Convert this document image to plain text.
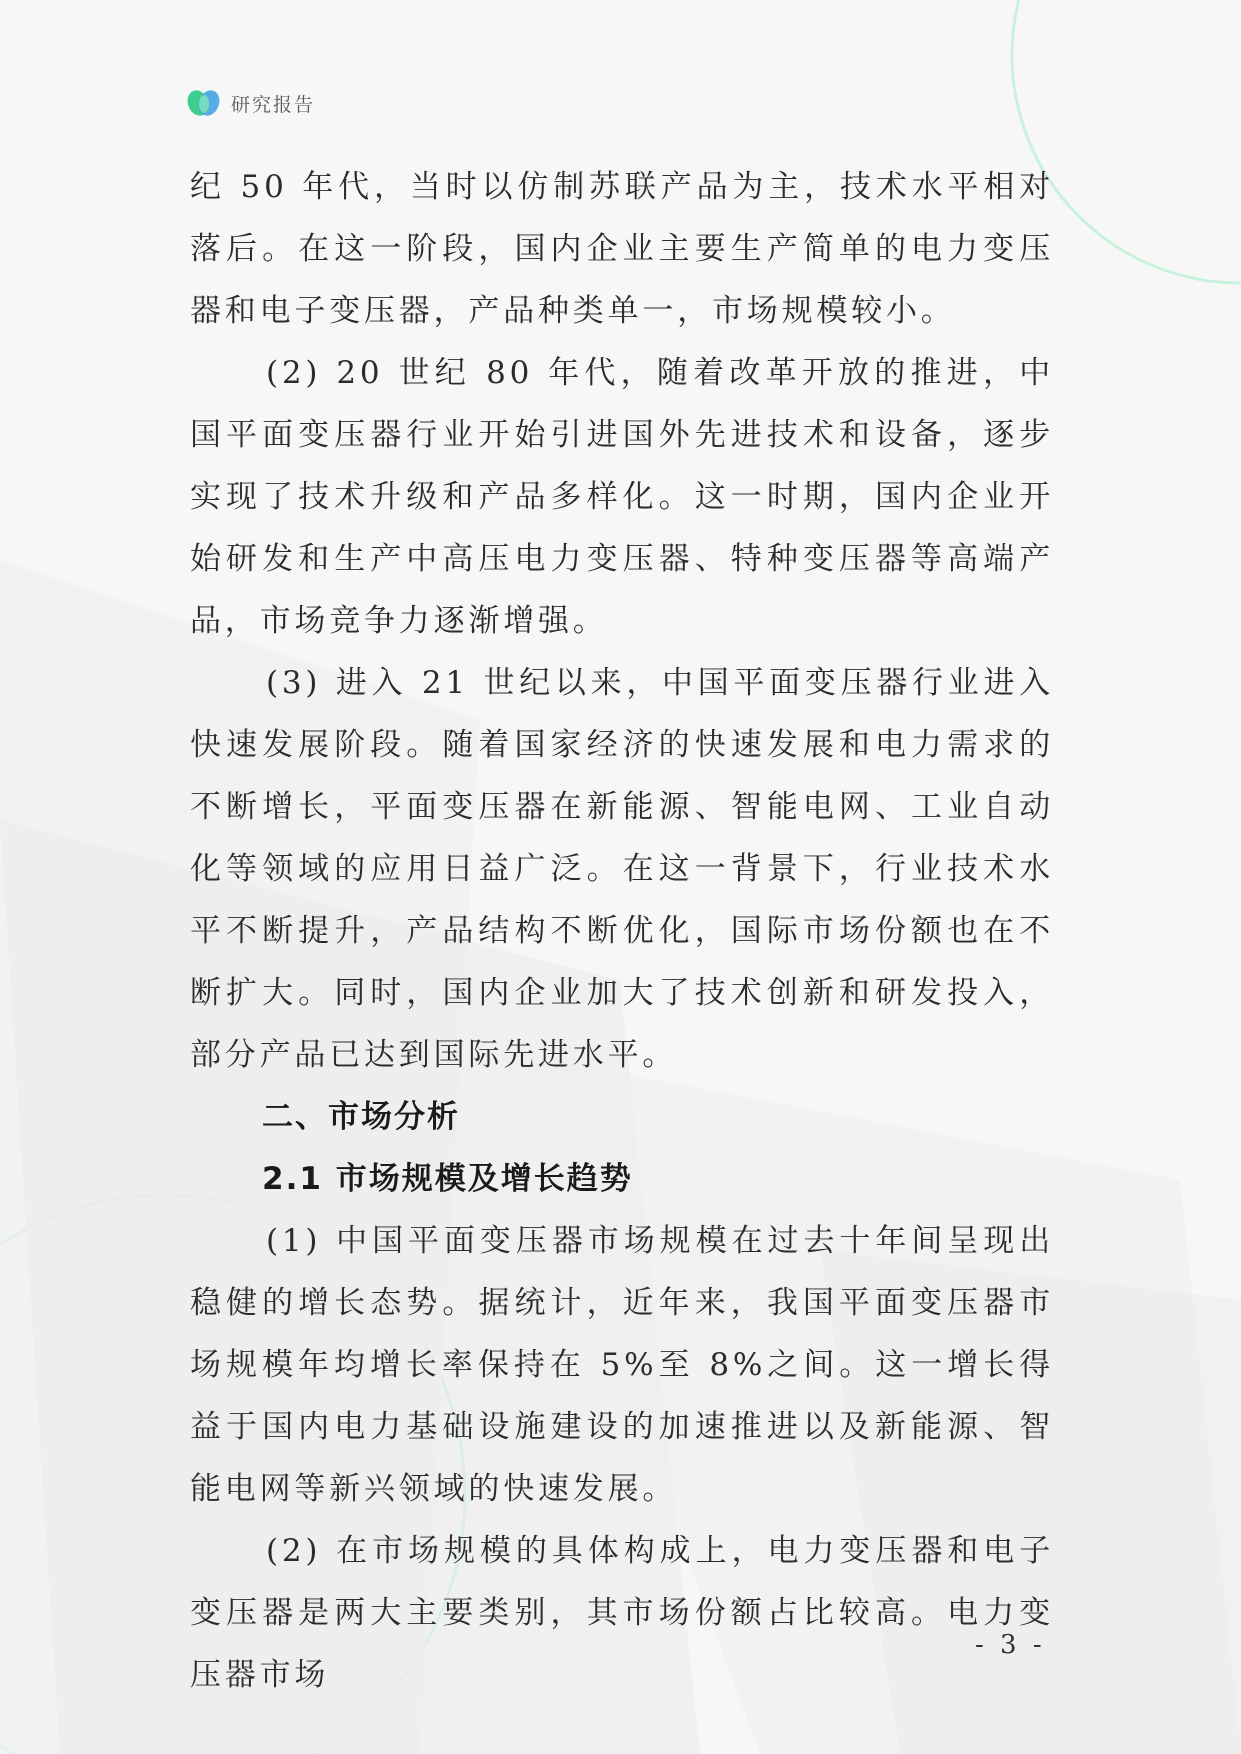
研究报告

纪 50 年代，当时以仿制苏联产品为主，技术水平相对落后。在这一阶段，国内企业主要生产简单的电力变压器和电子变压器，产品种类单一，市场规模较小。

(2) 20 世纪 80 年代，随着改革开放的推进，中国平面变压器行业开始引进国外先进技术和设备，逐步实现了技术升级和产品多样化。这一时期，国内企业开始研发和生产中高压电力变压器、特种变压器等高端产品，市场竞争力逐渐增强。

(3) 进入 21 世纪以来，中国平面变压器行业进入快速发展阶段。随着国家经济的快速发展和电力需求的不断增长，平面变压器在新能源、智能电网、工业自动化等领域的应用日益广泛。在这一背景下，行业技术水平不断提升，产品结构不断优化，国际市场份额也在不断扩大。同时，国内企业加大了技术创新和研发投入，部分产品已达到国际先进水平。

二、市场分析
2.1 市场规模及增长趋势

(1) 中国平面变压器市场规模在过去十年间呈现出稳健的增长态势。据统计，近年来，我国平面变压器市场规模年均增长率保持在 5%至 8%之间。这一增长得益于国内电力基础设施建设的加速推进以及新能源、智能电网等新兴领域的快速发展。

(2) 在市场规模的具体构成上，电力变压器和电子变压器是两大主要类别，其市场份额占比较高。电力变压器市场

- 3 -
